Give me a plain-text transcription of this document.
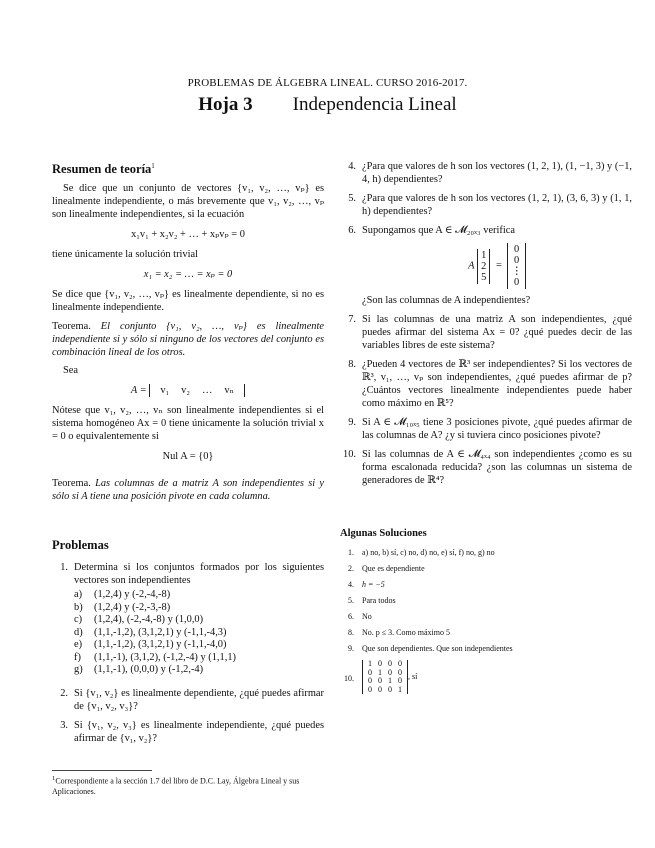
PROBLEMAS DE ÁLGEBRA LINEAL. CURSO 2016-2017.
Hoja 3 Independencia Lineal
Resumen de teoría$^1$

Se dice que un conjunto de vectores {v₁, v₂, …, vₚ} es linealmente independiente, o más brevemente que v₁, v₂, …, vₚ son linealmente independientes, si la ecuación

x₁v₁ + x₂v₂ + … + xₚvₚ = 0

tiene únicamente la solución trivial

x₁ = x₂ = … = xₚ = 0

Se dice que {v₁, v₂, …, vₚ} es linealmente dependiente, si no es linealmente independiente.

Teorema. El conjunto {v₁, v₂, …, vₚ} es linealmente independiente si y sólo si ninguno de los vectores del conjunto es combinación lineal de los otros.

Sea

A = v₁ v₂ … vₙ

Nótese que v₁, v₂, …, vₙ son linealmente independientes si el sistema homogéneo Ax = 0 tiene únicamente la solución trivial x = 0 o equivalentemente si

Nul A = {0}

Teorema. Las columnas de a matriz A son independientes si y sólo si A tiene una posición pivote en cada columna.

Problemas
1. Determina si los conjuntos formados por los siguientes vectores son independientes
a) (1,2,4) y (-2,-4,-8)
b) (1,2,4) y (-2,-3,-8)
c) (1,2,4), (-2,-4,-8) y (1,0,0)
d) (1,1,-1,2), (3,1,2,1) y (-1,1,-4,3)
e) (1,1,-1,2), (3,1,2,1) y (-1,1,-4,0)
f) (1,1,-1), (3,1,2), (-1,2,-4) y (1,1,1)
g) (1,1,-1), (0,0,0) y (-1,2,-4)
2. Si {v₁, v₂} es linealmente dependiente, ¿qué puedes afirmar de {v₁, v₂, v₃}?
3. Si {v₁, v₂, v₃} es linealmente independiente, ¿qué puedes afirmar de {v₁, v₂}?
$^1$Correspondiente a la sección 1.7 del libro de D.C. Lay, Álgebra Lineal y sus Aplicaciones.
4. ¿Para que valores de h son los vectores (1, 2, 1), (1, −1, 3) y (−1, 4, h) dependientes?
5. ¿Para que valores de h son los vectores (1, 2, 1), (3, 6, 3) y (1, 1, h) dependientes?
6. Supongamos que A ∈ 𝓜₂₀ₓ₃ verifica
A 1
2
5 = 0
0
⋮
0
¿Son las columnas de A independientes?
7. Si las columnas de una matriz A son independientes, ¿qué puedes afirmar del sistema Ax = 0? ¿qué puedes decir de las variables libres de este sistema?
8. ¿Pueden 4 vectores de ℝ³ ser independientes? Si los vectores de ℝ³, v₁, …, vₚ son independientes, ¿qué puedes afirmar de p? ¿Cuántos vectores linealmente independientes puede haber como máximo en ℝ⁵?
9. Si A ∈ 𝓜₁₀ₓ₅ tiene 3 posiciones pivote, ¿qué puedes afirmar de las columnas de A? ¿y si tuviera cinco posiciones pivote?
10. Si las columnas de A ∈ 𝓜₄ₓ₄ son independientes ¿como es su forma escalonada reducida? ¿son las columnas un sistema de generadores de ℝ⁴?
Algunas Soluciones
1. a) no, b) sí, c) no, d) no, e) sí, f) no, g) no
2. Que es dependiente
4. h = −5
5. Para todos
6. No
8. No. p ≤ 3. Como máximo 5
9. Que son dependientes. Que son independientes
10.
1 0 0 0
0 1 0 0
0 0 1 0
0 0 0 1
, sí
